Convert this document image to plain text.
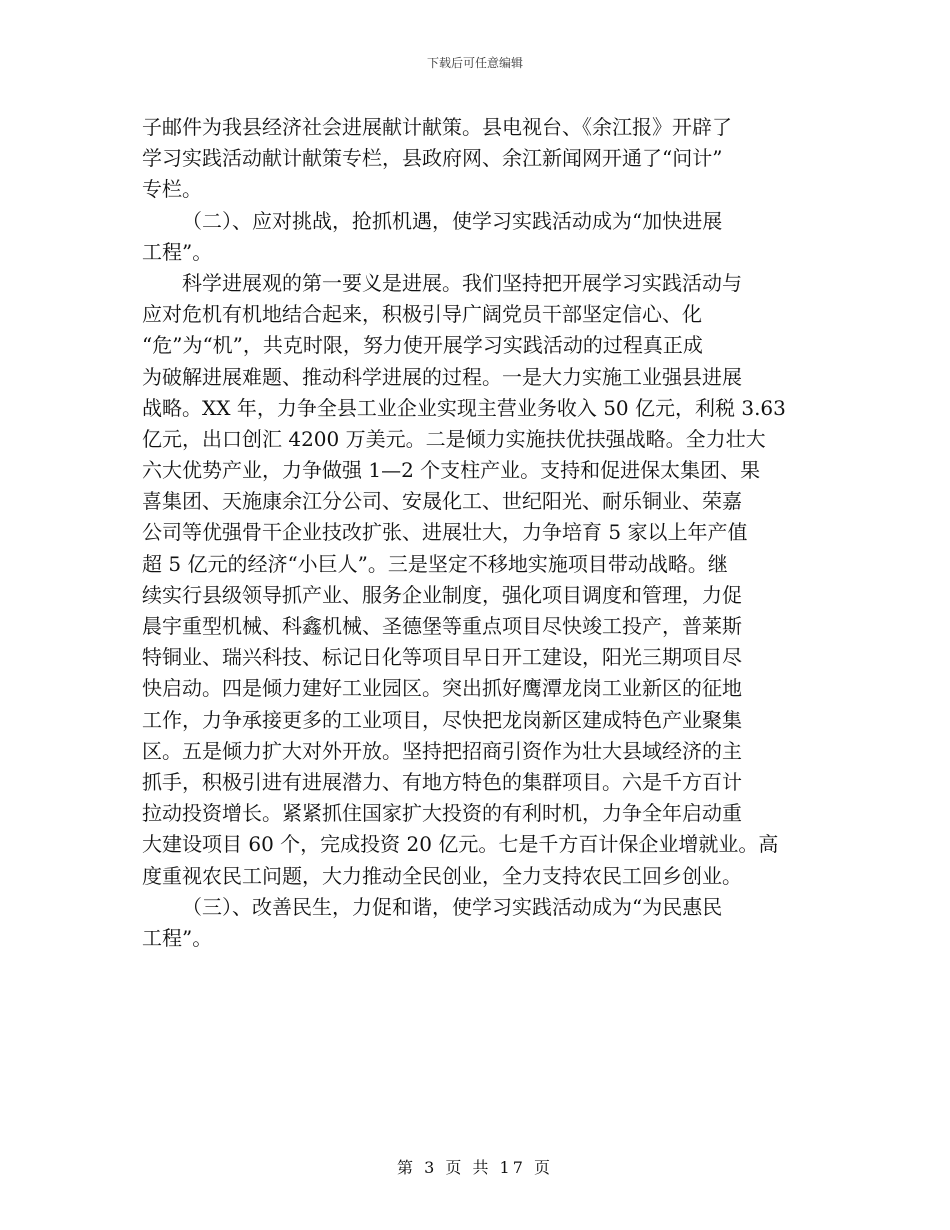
下载后可任意编辑
子邮件为我县经济社会进展献计献策。县电视台、《余江报》开辟了
学习实践活动献计献策专栏，县政府网、余江新闻网开通了“问计”
专栏。
（二）、应对挑战，抢抓机遇，使学习实践活动成为“加快进展
工程”。
科学进展观的第一要义是进展。我们坚持把开展学习实践活动与
应对危机有机地结合起来，积极引导广阔党员干部坚定信心、化
“危”为“机”，共克时限，努力使开展学习实践活动的过程真正成
为破解进展难题、推动科学进展的过程。一是大力实施工业强县进展
战略。XX 年，力争全县工业企业实现主营业务收入 50 亿元，利税 3.63
亿元，出口创汇 4200 万美元。二是倾力实施扶优扶强战略。全力壮大
六大优势产业，力争做强 1—2 个支柱产业。支持和促进保太集团、果
喜集团、天施康余江分公司、安晟化工、世纪阳光、耐乐铜业、荣嘉
公司等优强骨干企业技改扩张、进展壮大，力争培育 5 家以上年产值
超 5 亿元的经济“小巨人”。三是坚定不移地实施项目带动战略。继
续实行县级领导抓产业、服务企业制度，强化项目调度和管理，力促
晨宇重型机械、科鑫机械、圣德堡等重点项目尽快竣工投产，普莱斯
特铜业、瑞兴科技、标记日化等项目早日开工建设，阳光三期项目尽
快启动。四是倾力建好工业园区。突出抓好鹰潭龙岗工业新区的征地
工作，力争承接更多的工业项目，尽快把龙岗新区建成特色产业聚集
区。五是倾力扩大对外开放。坚持把招商引资作为壮大县域经济的主
抓手，积极引进有进展潜力、有地方特色的集群项目。六是千方百计
拉动投资增长。紧紧抓住国家扩大投资的有利时机，力争全年启动重
大建设项目 60 个，完成投资 20 亿元。七是千方百计保企业增就业。高
度重视农民工问题，大力推动全民创业，全力支持农民工回乡创业。
（三）、改善民生，力促和谐，使学习实践活动成为“为民惠民
工程”。
第 3 页 共 17 页
